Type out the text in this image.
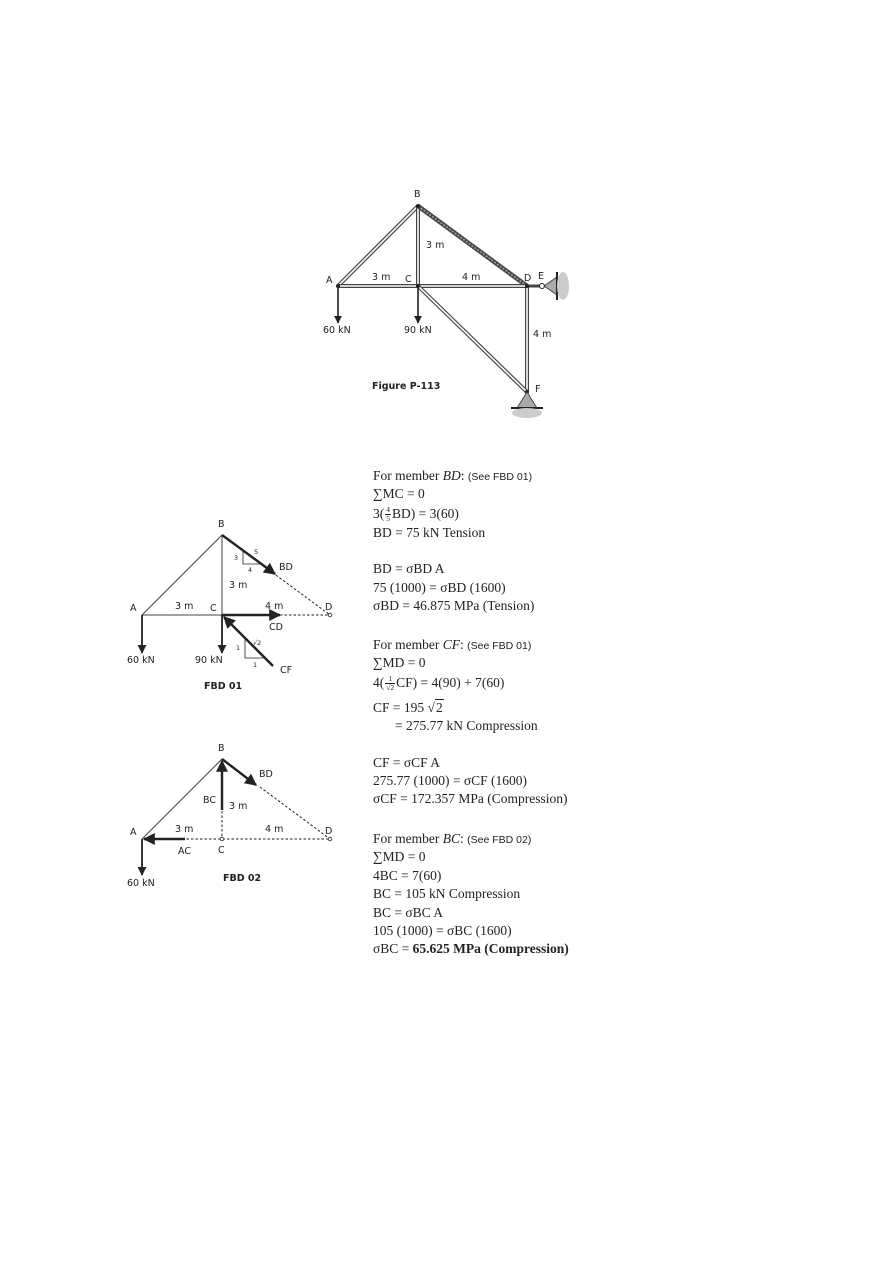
B
A	C	D E
F
3 m
3 m
4 m
4 m
60 kN	90 kN
Figure P-113
3
4
5
1
1
√2
B
A	C	D
3 m
3 m
4 m
BD
CD
CF
60 kN	90 kN
FBD 01
B
A
C
D
3 m
3 m
4 m
BD
BC
AC
60 kN	FBD 02
For member BD: (See FBD 01)
∑MC = 0
$3( \frac{4}{5} BD) = 3(60)$
BD = 75 kN Tension
BD = σBD A
75 (1000) = σBD (1600)
σBD = 46.875 MPa (Tension)
For member CF: (See FBD 01)
∑MD = 0
$4( \frac{1}{√2} CF) = 4(90) + 7(60)$
CF = 195 √2
= 275.77 kN Compression
CF = σCF A
275.77 (1000) = σCF (1600)
σCF = 172.357 MPa (Compression)
For member BC: (See FBD 02)
∑MD = 0
4BC = 7(60)
BC = 105 kN Compression
BC = σBC A
105 (1000) = σBC (1600)
σBC = 65.625 MPa (Compression)
